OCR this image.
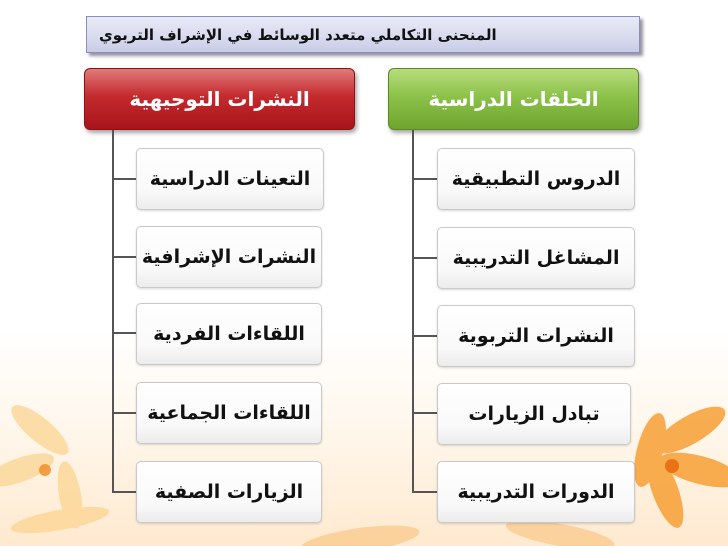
المنحنى التكاملي متعدد الوسائط في الإشراف التربوي
النشرات التوجيهية	الحلقات الدراسية
التعينات الدراسية
النشرات الإشرافية
اللقاءات الفردية
اللقاءات الجماعية
الزيارات الصفية
الدروس التطبيقية
المشاغل التدريبية
النشرات التربوية
تبادل الزيارات
الدورات التدريبية
